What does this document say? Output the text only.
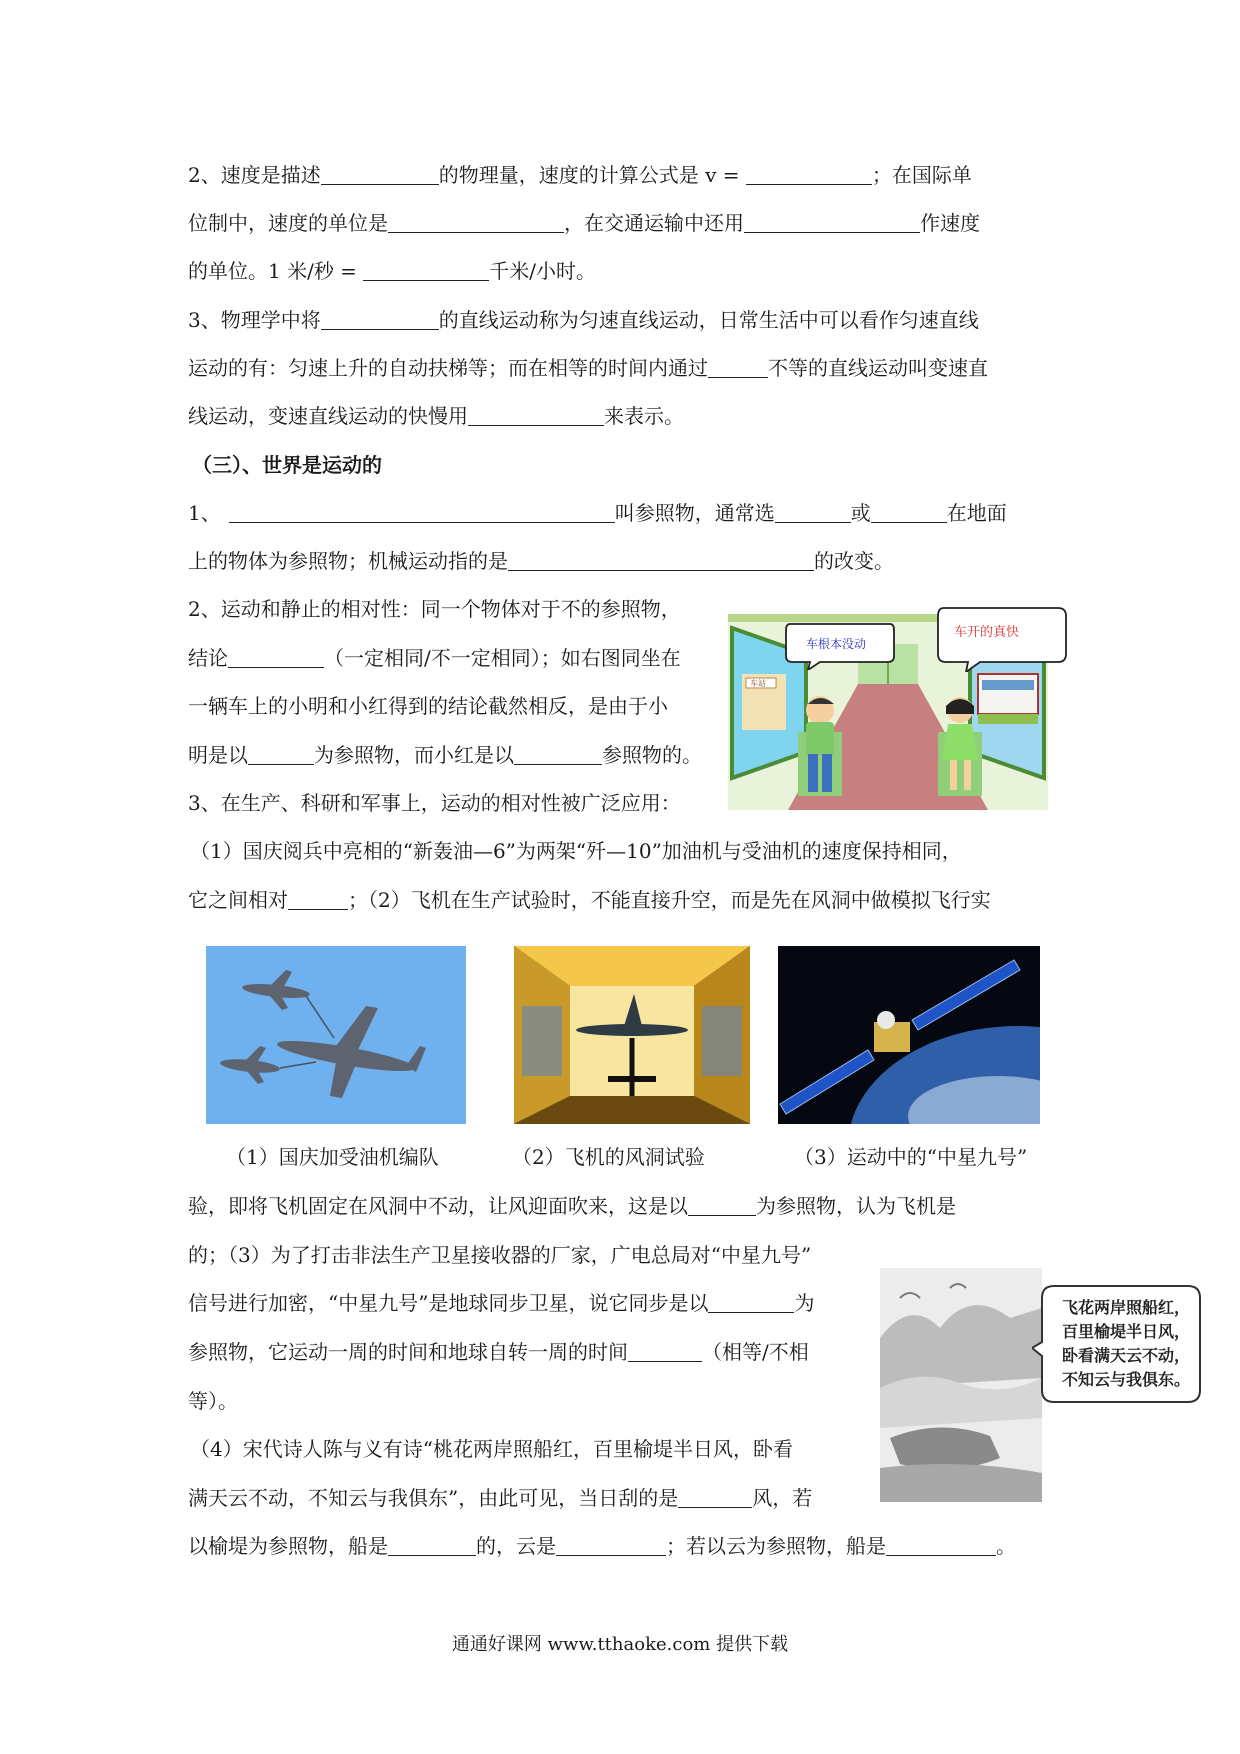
2、速度是描述	的物理量，速度的计算公式是 v =	；在国际单
位制中，速度的单位是	，在交通运输中还用	作速度
的单位。1 米/秒 =	千米/小时。
3、物理学中将	的直线运动称为匀速直线运动，日常生活中可以看作匀速直线
运动的有：匀速上升的自动扶梯等；而在相等的时间内通过	不等的直线运动叫变速直
线运动，变速直线运动的快慢用	来表示。
（三）、世界是运动的
1、	叫参照物，通常选	或	在地面
上的物体为参照物；机械运动指的是	的改变。
2、运动和静止的相对性：同一个物体对于不的参照物，
结论	（一定相同/不一定相同）；如右图同坐在
一辆车上的小明和小红得到的结论截然相反，是由于小
明是以	为参照物，而小红是以	参照物的。
车站
车根本没动
车开的真快
3、在生产、科研和军事上，运动的相对性被广泛应用：
（1）国庆阅兵中亮相的“新轰油—6”为两架“歼—10”加油机与受油机的速度保持相同，
它之间相对	；（2）飞机在生产试验时，不能直接升空，而是先在风洞中做模拟飞行实
（1）国庆加受油机编队	（2）飞机的风洞试验	（3）运动中的“中星九号”
验，即将飞机固定在风洞中不动，让风迎面吹来，这是以	为参照物，认为飞机是
的；（3）为了打击非法生产卫星接收器的厂家，广电总局对“中星九号”
信号进行加密，“中星九号”是地球同步卫星，说它同步是以	为
参照物，它运动一周的时间和地球自转一周的时间	（相等/不相
等）。
（4）宋代诗人陈与义有诗“桃花两岸照船红，百里榆堤半日风，卧看
满天云不动，不知云与我俱东”，由此可见，当日刮的是	风，若
以榆堤为参照物，船是	的，云是	；若以云为参照物，船是	。
飞花两岸照船红，
百里榆堤半日风，
卧看满天云不动，
不知云与我俱东。
通通好课网 www.tthaoke.com 提供下载
